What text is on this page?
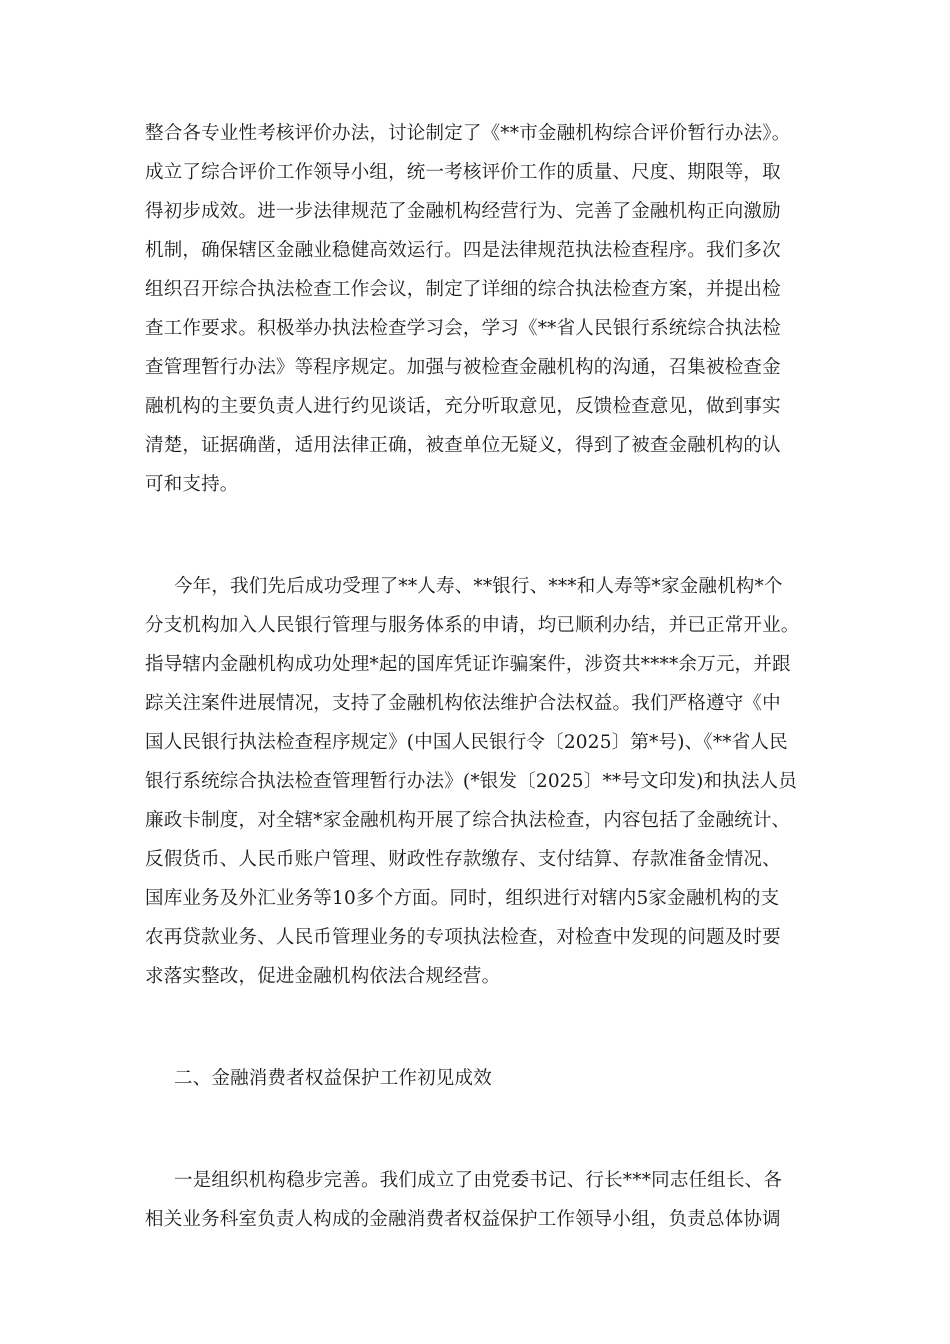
整合各专业性考核评价办法，讨论制定了《**市金融机构综合评价暂行办法》。

成立了综合评价工作领导小组，统一考核评价工作的质量、尺度、期限等，取

得初步成效。进一步法律规范了金融机构经营行为、完善了金融机构正向激励

机制，确保辖区金融业稳健高效运行。四是法律规范执法检查程序。我们多次

组织召开综合执法检查工作会议，制定了详细的综合执法检查方案，并提出检

查工作要求。积极举办执法检查学习会，学习《**省人民银行系统综合执法检

查管理暂行办法》等程序规定。加强与被检查金融机构的沟通，召集被检查金

融机构的主要负责人进行约见谈话，充分听取意见，反馈检查意见，做到事实

清楚，证据确凿，适用法律正确，被查单位无疑义，得到了被查金融机构的认

可和支持。

今年，我们先后成功受理了**人寿、**银行、***和人寿等*家金融机构*个

分支机构加入人民银行管理与服务体系的申请，均已顺利办结，并已正常开业。

指导辖内金融机构成功处理*起的国库凭证诈骗案件，涉资共****余万元，并跟

踪关注案件进展情况，支持了金融机构依法维护合法权益。我们严格遵守《中

国人民银行执法检查程序规定》(中国人民银行令〔2025〕第*号)、《**省人民

银行系统综合执法检查管理暂行办法》(*银发〔2025〕**号文印发)和执法人员

廉政卡制度，对全辖*家金融机构开展了综合执法检查，内容包括了金融统计、

反假货币、人民币账户管理、财政性存款缴存、支付结算、存款准备金情况、

国库业务及外汇业务等10多个方面。同时，组织进行对辖内5家金融机构的支

农再贷款业务、人民币管理业务的专项执法检查，对检查中发现的问题及时要

求落实整改，促进金融机构依法合规经营。

二、金融消费者权益保护工作初见成效

一是组织机构稳步完善。我们成立了由党委书记、行长***同志任组长、各

相关业务科室负责人构成的金融消费者权益保护工作领导小组，负责总体协调
